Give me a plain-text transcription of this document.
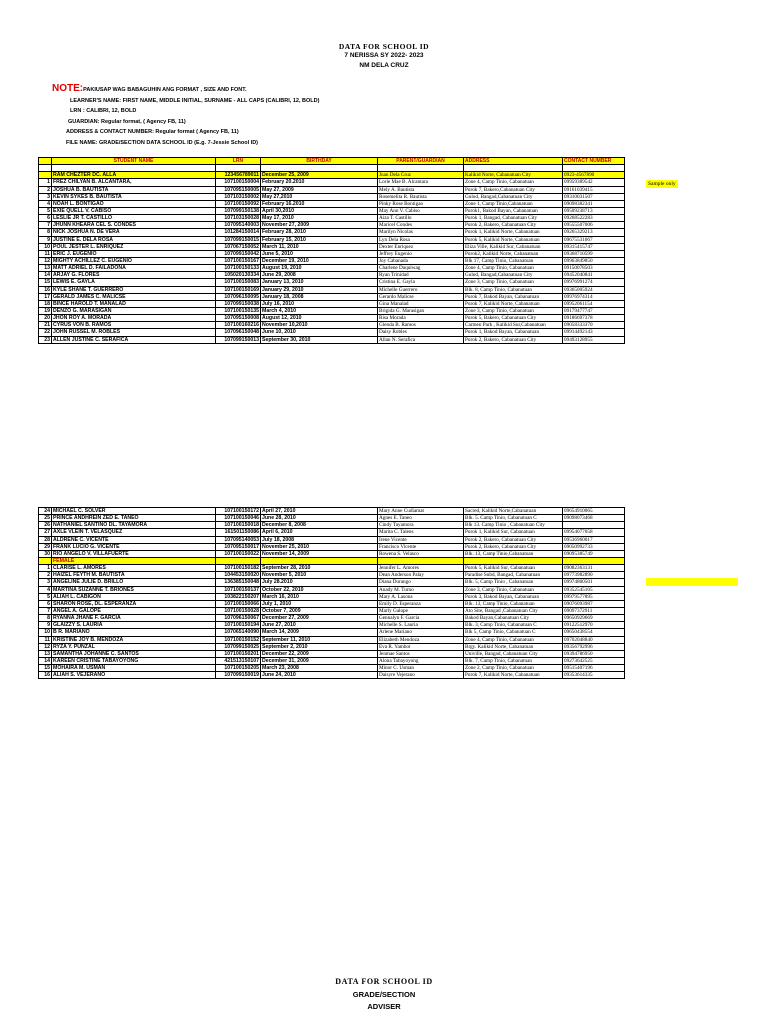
DATA FOR SCHOOL ID
7 NERISSA SY 2022- 2023
NM DELA CRUZ
NOTE:PAKIUSAP WAG BABAGUHIN ANG FORMAT , SIZE AND FONT.
LEARNER'S NAME: FIRST NAME, MIDDLE INITIAL, SURNAME - ALL CAPS (CALIBRI, 12, BOLD)
LRN : CALIBRI, 12, BOLD
GUARDIAN: Regular format, ( Agency FB, 11)
ADDRESS & CONTACT NUMBER: Regular format ( Agency FB, 11)
FILE NAME: GRADE/SECTION DATA SCHOOL ID (E.g. 7-Jessie School ID)
	STUDENT NAME	LRN	BIRTHDAY	PARENT/GUARDIAN	ADDRESS	CONTACT NUMBER

	RAM CHEZTER DC. ALLA	123456789011	December 25, 2009	Juan Dela Cruz	Kalikid Norte, Cabanatuan City	0923-4567890
1	FREZ CHILYAN B. ALCANTARA,	107100150004	February 20.2010	Lorie Mae B. Alcantara	Zone 4, Camp Tinio, Cabanatuan	09959389542
2	JOSHUA B. BAUTISTA	107095150005	May 27, 2009	Mely A. Bautista	Purok 7, Bakero,Cabanatuan City	09161039415
3	KEVIN SYKES B. BAUTISTA	107103150002	May 27,2010	Rosemelita R. Bautista	Gulod, Bangad,Cabanatuan City	09310031507
4	NOAH L. BONTIGAO	107100150092	February 16.2010	Pinky Rose Bontigao	Zone 1, Camp Tinio,Cabanatuan	09098382341
5	EXIE QUELL V. CABISO	107099150138	April 30,2010	May Ann V. Cabiso	Purok1, Bakod Bayan, Cabanatuan	09509238713
6	LESLIE JR T. CASTILLO	107103150028	May 17, 2010	Aiza T. Castillo	Purok 1, Bangad, Cabanatuan City	09268522283
7	JHUNN KHEARA CEL S. CONDES	107095140003	November 27, 2009	Maricel Condes	Purok 2, Bakero, Cabanatuan City	09555507006
8	NICK JOSHUA N. DE VERA	101284150014	February 28, 2010	Marilyn Nicolas	Purok 1, Kalikid Norte, Cabanatuan	09265329213
9	JUSTINE E. DELA ROSA	107099150015	February 15, 2010	Lyn Dela Rosa	Purok 5, Kalikid Norte, Cabanatuan	09675531067
10	POUL JESTER L. ENRIQUEZ	107067150052	March 11, 2010	Dexter Enriquez	Eliza Ville, Kalikid Sur, Cabanatuan	09315415747
11	ERIC J. EUGENIO	107099150042	June 5, 2010	Jeffrey Eugenio	Purok2, Kalikid Norte, Cabanatuan	09368710599
12	MIGHTY ACHILLEZ C. EUGENIO	107100150167	December 19, 2010	Joy Cabanada	Blk 17, Camp Tinio, Cabanatuan	09963849850
13	MATT ADRIEL D. FAILADONA	107100150133	August 19, 2010	Charlene Daquiwag	Zone 4, Camp Tinio, Cabanatuan	09150078503
14	ARJAY G. FLORES	105020130334	June 29, 2008	Ryan Trinidad	Gulod, Bangad,Cabanatuan City	09452040841
15	LEWIS E. GAYLA	107100150083	January 13, 2010	Cristina E. Gayla	Zone 3, Camp Tinio, Cabanatuan	09976991274
16	KYLE SHANE T. GUERRERO	107100150169	January 29, 2010	Michelle Guerrero	Blk. 8, Camp Tinio, Cabanatuan	09365005924
17	GERALD JAMES C. MALICSE	107096150095	January 18, 2008	Gerardo Malicse	Purok 7, Bakod Bayan, Cabanatuan	09976974314
18	BINCE HAROLD T. MANALAD	107099150038	July 16, 2010	Gina Manalad	Purok 7, Kalikid Norte, Cabanatuan	09952061154
19	DENZO G. MARASIGAN	107100150135	March 4, 2010	Brigida G. Marasigan	Zone 3, Camp Tinio, Cabanatuan	09179477747
20	JHON ROY A. MORADA	107095150008	August 12, 2010	Risa Morada	Purok 5, Bakero, Cabanatuan City	09186697378
21	CYRUS VON B. RAMOS	107100160216	November 10,2010	Glenda B. Ramos	Carmen Park , Kalikid Sur,Cabanatuan	09058333370
22	JOHN RUSSEL M. ROBLES	107096150048	June 10, 2010	Daisy Robles	Purok 1, Bakod Bayan, Cabanatuan	09914492143
23	ALLEN JUSTINE C. SERAFICA	107099150013	September 30, 2010	Allan N. Serafica	Purok 2, Bakero, Cabanatuan City	09493128955
Sample only
24	MICHAEL C. SOLVER	107100150172	April 27, 2010	Mary Anne Cudiamat	Sacred, Kalikid Norte,Cabanatuan	09654910065
25	PRINCE ANDHREIN ZED E. TANEO	107100150046	June 28, 2010	Agnes E. Taneo	Blk. 5. Camp Tinio, Cabanatuan C	09098073468
26	NATHANIEL SANTINO DL. TAYAMORA	107100150018	December 8, 2008	Cindy Tayamora	Blk 13. Camp Tinio , Cabanatuan City	
27	AXLE VLEIN T. VELASQUEZ	161501150086	April 6, 2010	Marita C. Talens	Purok 1, Kalikid Sur, Cabanatuan	09954077058
28	ALDRENE C. VICENTE	107095140053	July 18, 2008	Irene Vicente	Purok 2, Bakero, Cabanatuan City	09536960017
29	FRANK LUCIO G. VICENTE	107095150017	November 25, 2010	Francisco Vicente	Purok 2, Bakero, Cabanatuan City	09050992733
30	RIO ANGELO V. VILLAFUERTE	107100150022	November 14, 2009	Rowena S. Velasco	Blk. 13, Camp Tinio,Cabanatuan	09095385749
	FEMALE					
1	CLARISE L. AMORES	107100150182	September 28, 2010	Jennifer L. Amores	Purok 5, Kalikid Sur, Cabanatuan	09082363131
2	HAIZEL FEYTH M. BAUTISTA	104453150020	November 5, 2010	Dean Anderson Palay	Paradise Subd, Bangad, Cabanatuan	09773982890
3	ANGELINE JULIE D. BRILLO	136385150048	July 28.2010	Diana Durango	Blk. 5, Camp Tinio , Cabanatuan	09974800501
4	MARTINA SUZANNE T. BRIONES	107100150137	October 22, 2010	Anady M. Turno	Zone 3, Camp Tinio, Cabanatuan	09352545105
5	ALIAH L. CABIGON	103822150207	March 16, 2010	Mary A. Lasona	Purok 3, Bakod Bayan, Cabanatuan	09979577895
6	SHARON ROSE, DL. ESPERANZA	107100150066	July 1, 2010	Emily D. Esperanza	Blk. 13, Camp Tinio, Cabanatuan	09076093987
7	ANGEL A. GALOPE	107100150028	October 7, 2009	Marly Galope	Ato Site, Bangad ,Cabanatuan City	09097372911
8	RYANNA JHANE F. GARCIA	107096150067	December 27, 2009	Gennalyn F. Garcia	Bakod Bayan,Cabanatuan City	09650929669
9	GLAIZZY S. LAURIA	107100150194	June 27, 2010	Michelle S. Lauria	Blk. 3, Camp Tinio, Cabanatuan C	09122512970
10	B R. MARIANO	107065140090	March 14, 2009	Arlene Mariano	Blk 5, Camp Tinio, Cabanatuan C	09650438554
11	KRISTINE JOY B. MENDOZA	107100150152	September 11, 2010	Elizabeth Mendoza	Zone 4, Camp Tinio, Cabanatuan	09702048840
12	RYZA Y. PUNZAL	107099150025	September 2, 2010	Eva R. Yambot	Brgy. Kalikid Norte, Cabanatuan	09356792996
13	SAMANTHA JOHANNE C. SANTOS	107100150201	December 22, 2009	Jenmae Santos	Univille, Bangad, Cabanatuan City	09394786950
14	KAREEN CRISTINE TABAYOYONG	421513150107	December 31, 2009	Alona Tabayoyong	Blk. 7, Camp Tinio, Cabanatuan	09273642525
15	MOHAIRA M. USMAN	107100150205	March 23, 2008	Minor C. Usman	Zone 2, Camp Tinio, Cabanatuan	09515407196
16	ALIAH S. VEJERANO	107099150019	June 24, 2010	Daisyre Vejerano	Purok 7, Kalikid Norte, Cabanatuan	09353614335
DATA FOR SCHOOL ID
GRADE/SECTION
ADVISER
